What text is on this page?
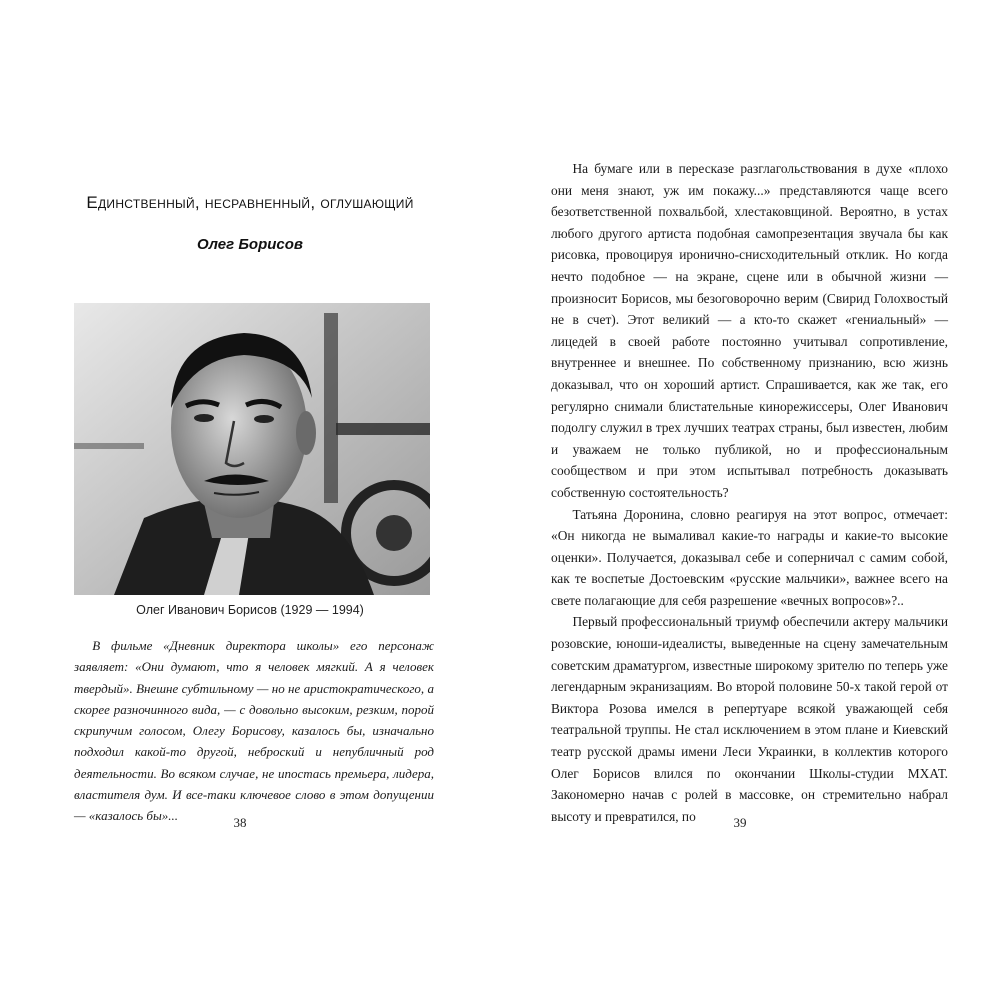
Единственный, несравненный, оглушающий
Олег Борисов
Олег Иванович Борисов (1929 — 1994)

В фильме «Дневник директора школы» его персонаж заявляет: «Они думают, что я человек мягкий. А я человек твердый». Внешне субтильному — но не аристократического, а скорее разночинного вида, — с довольно высоким, резким, порой скрипучим голосом, Олегу Борисову, казалось бы, изначально подходил какой-то другой, неброский и непубличный род деятельности. Во всяком случае, не ипостась премьера, лидера, властителя дум. И все-таки ключевое слово в этом допущении — «казалось бы»...	38

На бумаге или в пересказе разглагольствования в духе «плохо они меня знают, уж им покажу...» представляются чаще всего безответственной похвальбой, хлестаковщиной. Вероятно, в устах любого другого артиста подобная самопрезентация звучала бы как рисовка, провоцируя иронично-снисходительный отклик. Но когда нечто подобное — на экране, сцене или в обычной жизни — произносит Борисов, мы безоговорочно верим (Свирид Голохвостый не в счет). Этот великий — а кто-то скажет «гениальный» — лицедей в своей работе постоянно учитывал сопротивление, внутреннее и внешнее. По собственному признанию, всю жизнь доказывал, что он хороший артист. Спрашивается, как же так, его регулярно снимали блистательные кинорежиссеры, Олег Иванович подолгу служил в трех лучших театрах страны, был известен, любим и уважаем не только публикой, но и профессиональным сообществом и при этом испытывал потребность доказывать собственную состоятельность?

Татьяна Доронина, словно реагируя на этот вопрос, отмечает: «Он никогда не вымаливал какие-то награды и какие-то высокие оценки». Получается, доказывал себе и соперничал с самим собой, как те воспетые Достоевским «русские мальчики», важнее всего на свете полагающие для себя разрешение «вечных вопросов»?..

Первый профессиональный триумф обеспечили актеру мальчики розовские, юноши-идеалисты, выведенные на сцену замечательным советским драматургом, известные широкому зрителю по теперь уже легендарным экранизациям. Во второй половине 50-х такой герой от Виктора Розова имелся в репертуаре всякой уважающей себя театральной труппы. Не стал исключением в этом плане и Киевский театр русской драмы имени Леси Украинки, в коллектив которого Олег Борисов влился по окончании Школы-студии МХАТ. Закономерно начав с ролей в массовке, он стремительно набрал высоту и превратился, по	39
